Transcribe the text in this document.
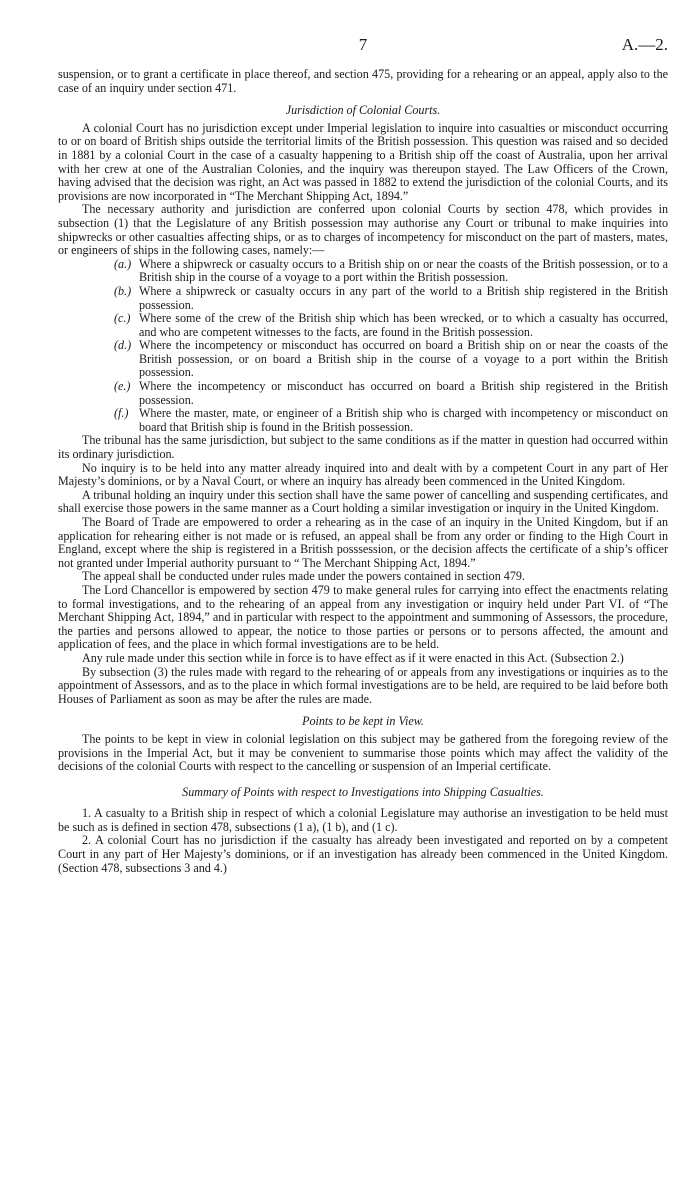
7	A.—2.

suspension, or to grant a certificate in place thereof, and section 475, providing for a rehearing or an appeal, apply also to the case of an inquiry under section 471.

Jurisdiction of Colonial Courts.

A colonial Court has no jurisdiction except under Imperial legislation to inquire into casualties or misconduct occurring to or on board of British ships outside the territorial limits of the British possession. This question was raised and so decided in 1881 by a colonial Court in the case of a casualty happening to a British ship off the coast of Australia, upon her arrival with her crew at one of the Australian Colonies, and the inquiry was thereupon stayed. The Law Officers of the Crown, having advised that the decision was right, an Act was passed in 1882 to extend the jurisdiction of the colonial Courts, and its provisions are now incorporated in “The Merchant Shipping Act, 1894.”

The necessary authority and jurisdiction are conferred upon colonial Courts by section 478, which provides in subsection (1) that the Legislature of any British possession may authorise any Court or tribunal to make inquiries into shipwrecks or other casualties affecting ships, or as to charges of incompetency for misconduct on the part of masters, mates, or engineers of ships in the following cases, namely:—

(a.) Where a shipwreck or casualty occurs to a British ship on or near the coasts of the British possession, or to a British ship in the course of a voyage to a port within the British possession.
(b.) Where a shipwreck or casualty occurs in any part of the world to a British ship registered in the British possession.
(c.) Where some of the crew of the British ship which has been wrecked, or to which a casualty has occurred, and who are competent witnesses to the facts, are found in the British possession.
(d.) Where the incompetency or misconduct has occurred on board a British ship on or near the coasts of the British possession, or on board a British ship in the course of a voyage to a port within the British possession.
(e.) Where the incompetency or misconduct has occurred on board a British ship registered in the British possession.
(f.) Where the master, mate, or engineer of a British ship who is charged with incompetency or misconduct on board that British ship is found in the British possession.

The tribunal has the same jurisdiction, but subject to the same conditions as if the matter in question had occurred within its ordinary jurisdiction.

No inquiry is to be held into any matter already inquired into and dealt with by a competent Court in any part of Her Majesty’s dominions, or by a Naval Court, or where an inquiry has already been commenced in the United Kingdom.

A tribunal holding an inquiry under this section shall have the same power of cancelling and suspending certificates, and shall exercise those powers in the same manner as a Court holding a similar investigation or inquiry in the United Kingdom.

The Board of Trade are empowered to order a rehearing as in the case of an inquiry in the United Kingdom, but if an application for rehearing either is not made or is refused, an appeal shall be from any order or finding to the High Court in England, except where the ship is registered in a British posssession, or the decision affects the certificate of a ship’s officer not granted under Imperial authority pursuant to “ The Merchant Shipping Act, 1894.”

The appeal shall be conducted under rules made under the powers contained in section 479.

The Lord Chancellor is empowered by section 479 to make general rules for carrying into effect the enactments relating to formal investigations, and to the rehearing of an appeal from any investigation or inquiry held under Part VI. of “The Merchant Shipping Act, 1894,” and in particular with respect to the appointment and summoning of Assessors, the procedure, the parties and persons allowed to appear, the notice to those parties or persons or to persons affected, the amount and application of fees, and the place in which formal investigations are to be held.

Any rule made under this section while in force is to have effect as if it were enacted in this Act. (Subsection 2.)

By subsection (3) the rules made with regard to the rehearing of or appeals from any investigations or inquiries as to the appointment of Assessors, and as to the place in which formal investigations are to be held, are required to be laid before both Houses of Parliament as soon as may be after the rules are made.

Points to be kept in View.

The points to be kept in view in colonial legislation on this subject may be gathered from the foregoing review of the provisions in the Imperial Act, but it may be convenient to summarise those points which may affect the validity of the decisions of the colonial Courts with respect to the cancelling or suspension of an Imperial certificate.

Summary of Points with respect to Investigations into Shipping Casualties.

1. A casualty to a British ship in respect of which a colonial Legislature may authorise an investigation to be held must be such as is defined in section 478, subsections (1 a), (1 b), and (1 c).

2. A colonial Court has no jurisdiction if the casualty has already been investigated and reported on by a competent Court in any part of Her Majesty’s dominions, or if an investigation has already been commenced in the United Kingdom. (Section 478, subsections 3 and 4.)
